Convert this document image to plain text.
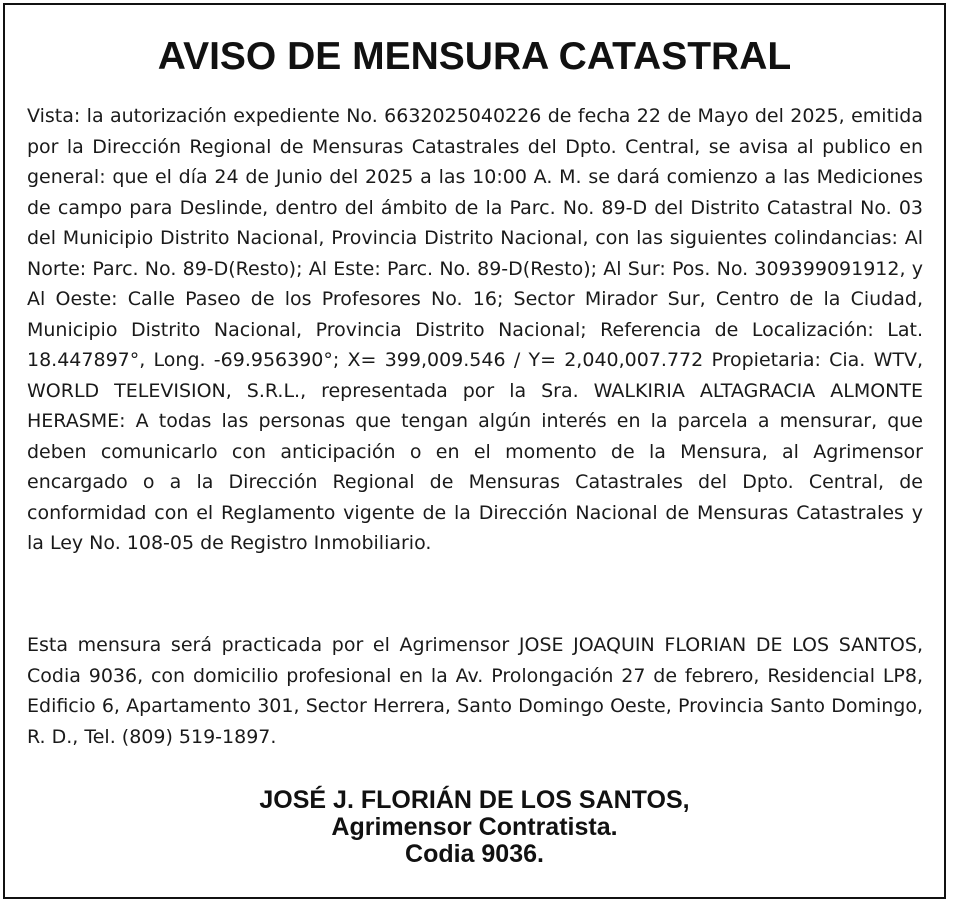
AVISO DE MENSURA CATASTRAL

Vista: la autorización expediente No. 6632025040226 de fecha 22 de Mayo del 2025, emitida por la Dirección Regional de Mensuras Catastrales del Dpto. Central, se avisa al publico en general: que el día 24 de Junio del 2025 a las 10:00 A. M. se dará comienzo a las Mediciones de campo para Deslinde, dentro del ámbito de la Parc. No. 89-D del Distrito Catastral No. 03 del Municipio Distrito Nacional, Provincia Distrito Nacional, con las siguientes colindancias: Al Norte: Parc. No. 89-D(Resto); Al Este: Parc. No. 89-D(Resto); Al Sur: Pos. No. 309399091912, y Al Oeste: Calle Paseo de los Profesores No. 16; Sector Mirador Sur, Centro de la Ciudad, Municipio Distrito Nacional, Provincia Distrito Nacional; Referencia de Localización: Lat. 18.447897°, Long. -69.956390°; X= 399,009.546 / Y= 2,040,007.772 Propietaria: Cia. WTV, WORLD TELEVISION, S.R.L., representada por la Sra. WALKIRIA ALTAGRACIA ALMONTE HERASME: A todas las personas que tengan algún interés en la parcela a mensurar, que deben comunicarlo con anticipación o en el momento de la Mensura, al Agrimensor encargado o a la Dirección Regional de Mensuras Catastrales del Dpto. Central, de conformidad con el Reglamento vigente de la Dirección Nacional de Mensuras Catastrales y la Ley No. 108-05 de Registro Inmobiliario.

Esta mensura será practicada por el Agrimensor JOSE JOAQUIN FLORIAN DE LOS SANTOS, Codia 9036, con domicilio profesional en la Av. Prolongación 27 de febrero, Residencial LP8, Edificio 6, Apartamento 301, Sector Herrera, Santo Domingo Oeste, Provincia Santo Domingo, R. D., Tel. (809) 519-1897.

JOSÉ J. FLORIÁN DE LOS SANTOS,
Agrimensor Contratista.
Codia 9036.
